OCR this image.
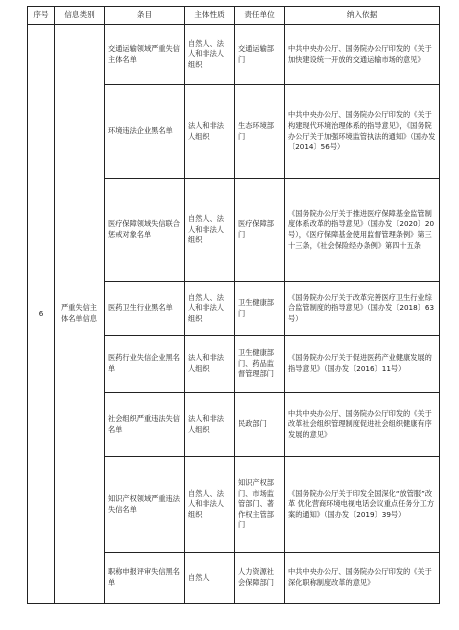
序号	信息类别	条目	主体性质	责任单位	纳入依据
6	严重失信主体名单信息	交通运输领域严重失信主体名单	自然人、法人和非法人组织	交通运输部门	中共中央办公厅、国务院办公厅印发的《关于加快建设统一开放的交通运输市场的意见》
		环境违法企业黑名单	法人和非法人组织	生态环境部门	中共中央办公厅、国务院办公厅印发的《关于构建现代环境治理体系的指导意见》，《国务院办公厅关于加强环境监管执法的通知》（国办发〔2014〕56号）
		医疗保障领域失信联合惩戒对象名单	自然人、法人和非法人组织	医疗保障部门	《国务院办公厅关于推进医疗保障基金监管制度体系改革的指导意见》（国办发〔2020〕20号），《医疗保障基金使用监督管理条例》第三十三条，《社会保险经办条例》第四十五条
		医药卫生行业黑名单	自然人、法人和非法人组织	卫生健康部门	《国务院办公厅关于改革完善医疗卫生行业综合监管制度的指导意见》（国办发〔2018〕63号）
		医药行业失信企业黑名单	法人和非法人组织	卫生健康部门、药品监督管理部门	《国务院办公厅关于促进医药产业健康发展的指导意见》（国办发〔2016〕11号）
		社会组织严重违法失信名单	法人和非法人组织	民政部门	中共中央办公厅、国务院办公厅印发的《关于改革社会组织管理制度促进社会组织健康有序发展的意见》
		知识产权领域严重违法失信名单	自然人、法人和非法人组织	知识产权部门、市场监管部门、著作权主管部门	《国务院办公厅关于印发全国深化“放管服”改革 优化营商环境电视电话会议重点任务分工方案的通知》（国办发〔2019〕39号）
		职称申报评审失信黑名单	自然人	人力资源社会保障部门	中共中央办公厅、国务院办公厅印发的《关于深化职称制度改革的意见》
